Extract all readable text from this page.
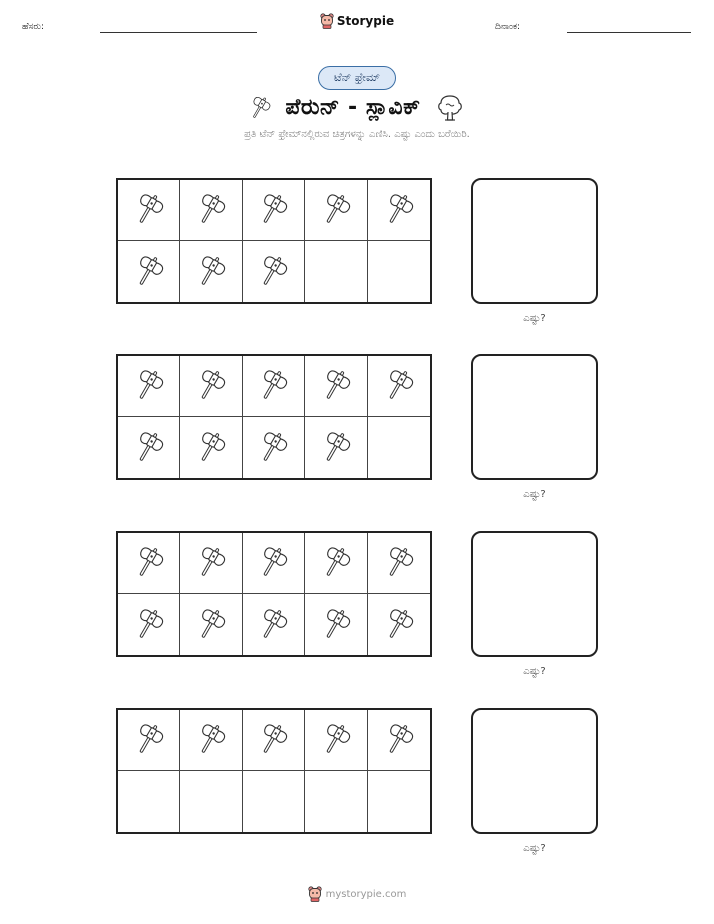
ಹೆಸರು:	Storypie	ದಿನಾಂಕ:
ಟೆನ್ ಫ್ರೇಮ್
ಪೆರುನ್ - ಸ್ಲಾವಿಕ್
ಪ್ರತಿ ಟೆನ್ ಫ್ರೇಮ್‌ನಲ್ಲಿರುವ ಚಿತ್ರಗಳನ್ನು ಎಣಿಸಿ. ಎಷ್ಟು ಎಂದು ಬರೆಯಿರಿ.
ಎಷ್ಟು?
ಎಷ್ಟು?
ಎಷ್ಟು?
ಎಷ್ಟು?
mystorypie.com
